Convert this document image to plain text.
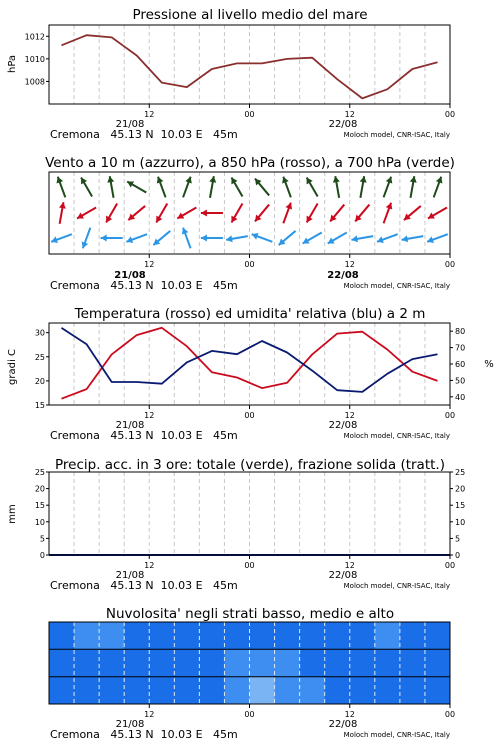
Pressione al livello medio del mare
hPa
1008
1010
1012
12	00	12	00
21/08	22/08
Cremona   45.13 N  10.03 E   45m	Moloch model, CNR-ISAC, Italy
Vento a 10 m (azzurro), a 850 hPa (rosso), a 700 hPa (verde)
12	00	12	00
21/08	22/08
Cremona   45.13 N  10.03 E   45m	Moloch model, CNR-ISAC, Italy
Temperatura (rosso) ed umidita' relativa (blu) a 2 m
gradi C	%
15
20
25
30
40
50
60
70
80
12	00	12	00
21/08	22/08
Cremona   45.13 N  10.03 E   45m	Moloch model, CNR-ISAC, Italy
Precip. acc. in 3 ore: totale (verde), frazione solida (tratt.)
mm
0
5
10
15
20
25
0
5
10
15
20
25
12	00	12	00
21/08	22/08
Cremona   45.13 N  10.03 E   45m	Moloch model, CNR-ISAC, Italy
Nuvolosita' negli strati basso, medio e alto
12	00	12	00
21/08	22/08
Cremona   45.13 N  10.03 E   45m	Moloch model, CNR-ISAC, Italy
